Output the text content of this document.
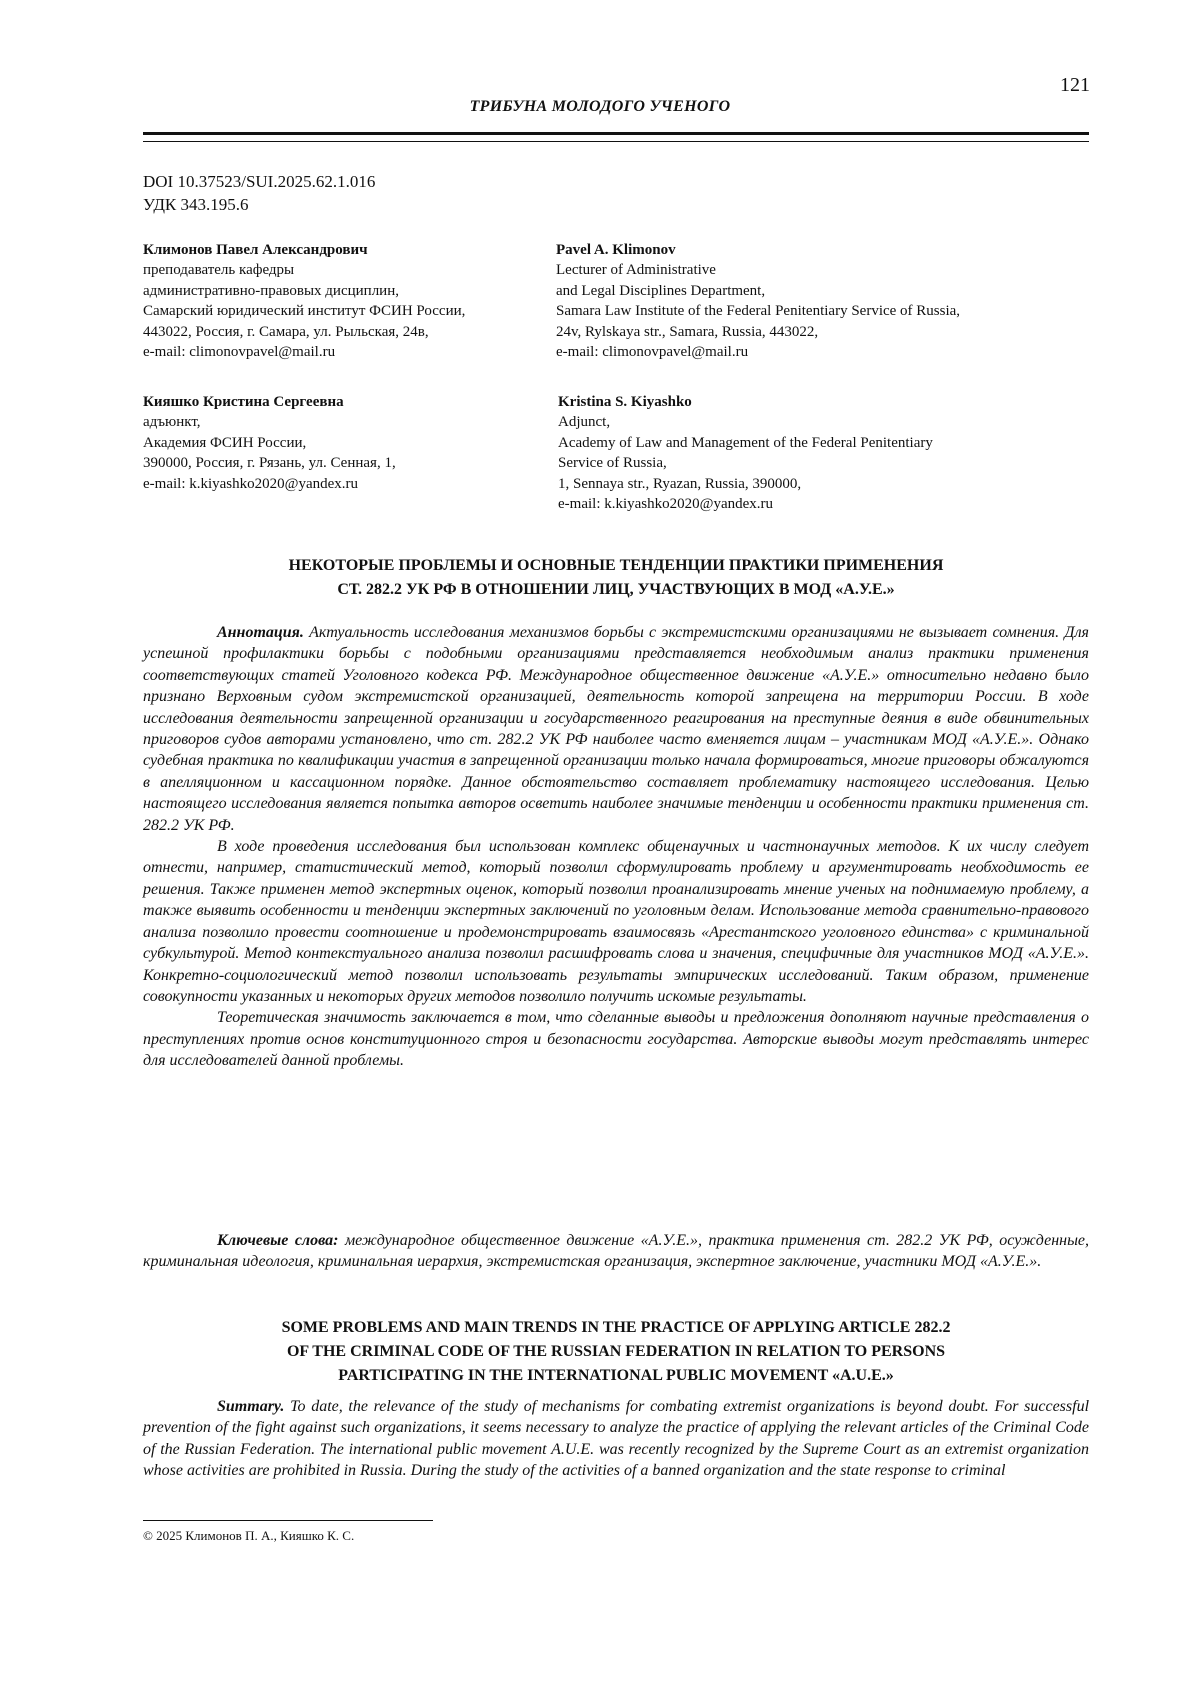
121
ТРИБУНА МОЛОДОГО УЧЕНОГО
DOI 10.37523/SUI.2025.62.1.016
УДК 343.195.6
Климонов Павел Александрович
преподаватель кафедры
административно-правовых дисциплин,
Самарский юридический институт ФСИН России,
443022, Россия, г. Самара, ул. Рыльская, 24в,
e-mail: climonovpavel@mail.ru
Pavel A. Klimonov
Lecturer of Administrative
and Legal Disciplines Department,
Samara Law Institute of the Federal Penitentiary Service of Russia,
24v, Rylskaya str., Samara, Russia, 443022,
e-mail: climonovpavel@mail.ru
Кияшко Кристина Сергеевна
адъюнкт,
Академия ФСИН России,
390000, Россия, г. Рязань, ул. Сенная, 1,
e-mail: k.kiyashko2020@yandex.ru
Kristina S. Kiyashko
Adjunct,
Academy of Law and Management of the Federal Penitentiary
Service of Russia,
1, Sennaya str., Ryazan, Russia, 390000,
e-mail: k.kiyashko2020@yandex.ru
НЕКОТОРЫЕ ПРОБЛЕМЫ И ОСНОВНЫЕ ТЕНДЕНЦИИ ПРАКТИКИ ПРИМЕНЕНИЯ
СТ. 282.2 УК РФ В ОТНОШЕНИИ ЛИЦ, УЧАСТВУЮЩИХ В МОД «А.У.Е.»

Аннотация. Актуальность исследования механизмов борьбы с экстремистскими организациями не вызывает сомнения. Для успешной профилактики борьбы с подобными организациями представляется необходимым анализ практики применения соответствующих статей Уголовного кодекса РФ. Международное общественное движение «А.У.Е.» относительно недавно было признано Верховным судом экстремистской организацией, деятельность которой запрещена на территории России. В ходе исследования деятельности запрещенной организации и государственного реагирования на преступные деяния в виде обвинительных приговоров судов авторами установлено, что ст. 282.2 УК РФ наиболее часто вменяется лицам – участникам МОД «А.У.Е.». Однако судебная практика по квалификации участия в запрещенной организации только начала формироваться, многие приговоры обжалуются в апелляционном и кассационном порядке. Данное обстоятельство составляет проблематику настоящего исследования. Целью настоящего исследования является попытка авторов осветить наиболее значимые тенденции и особенности практики применения ст. 282.2 УК РФ.

В ходе проведения исследования был использован комплекс общенаучных и частнонаучных методов. К их числу следует отнести, например, статистический метод, который позволил сформулировать проблему и аргументировать необходимость ее решения. Также применен метод экспертных оценок, который позволил проанализировать мнение ученых на поднимаемую проблему, а также выявить особенности и тенденции экспертных заключений по уголовным делам. Использование метода сравнительно-правового анализа позволило провести соотношение и продемонстрировать взаимосвязь «Арестантского уголовного единства» с криминальной субкультурой. Метод контекстуального анализа позволил расшифровать слова и значения, специфичные для участников МОД «А.У.Е.». Конкретно-социологический метод позволил использовать результаты эмпирических исследований. Таким образом, применение совокупности указанных и некоторых других методов позволило получить искомые результаты.

Теоретическая значимость заключается в том, что сделанные выводы и предложения дополняют научные представления о преступлениях против основ конституционного строя и безопасности государства. Авторские выводы могут представлять интерес для исследователей данной проблемы.

Ключевые слова: международное общественное движение «А.У.Е.», практика применения ст. 282.2 УК РФ, осужденные, криминальная идеология, криминальная иерархия, экстремистская организация, экспертное заключение, участники МОД «А.У.Е.».

SOME PROBLEMS AND MAIN TRENDS IN THE PRACTICE OF APPLYING ARTICLE 282.2
OF THE CRIMINAL CODE OF THE RUSSIAN FEDERATION IN RELATION TO PERSONS
PARTICIPATING IN THE INTERNATIONAL PUBLIC MOVEMENT «A.U.E.»

Summary. To date, the relevance of the study of mechanisms for combating extremist organizations is beyond doubt. For successful prevention of the fight against such organizations, it seems necessary to analyze the practice of applying the relevant articles of the Criminal Code of the Russian Federation. The international public movement A.U.E. was recently recognized by the Supreme Court as an extremist organization whose activities are prohibited in Russia. During the study of the activities of a banned organization and the state response to criminal

© 2025 Климонов П. А., Кияшко К. С.
